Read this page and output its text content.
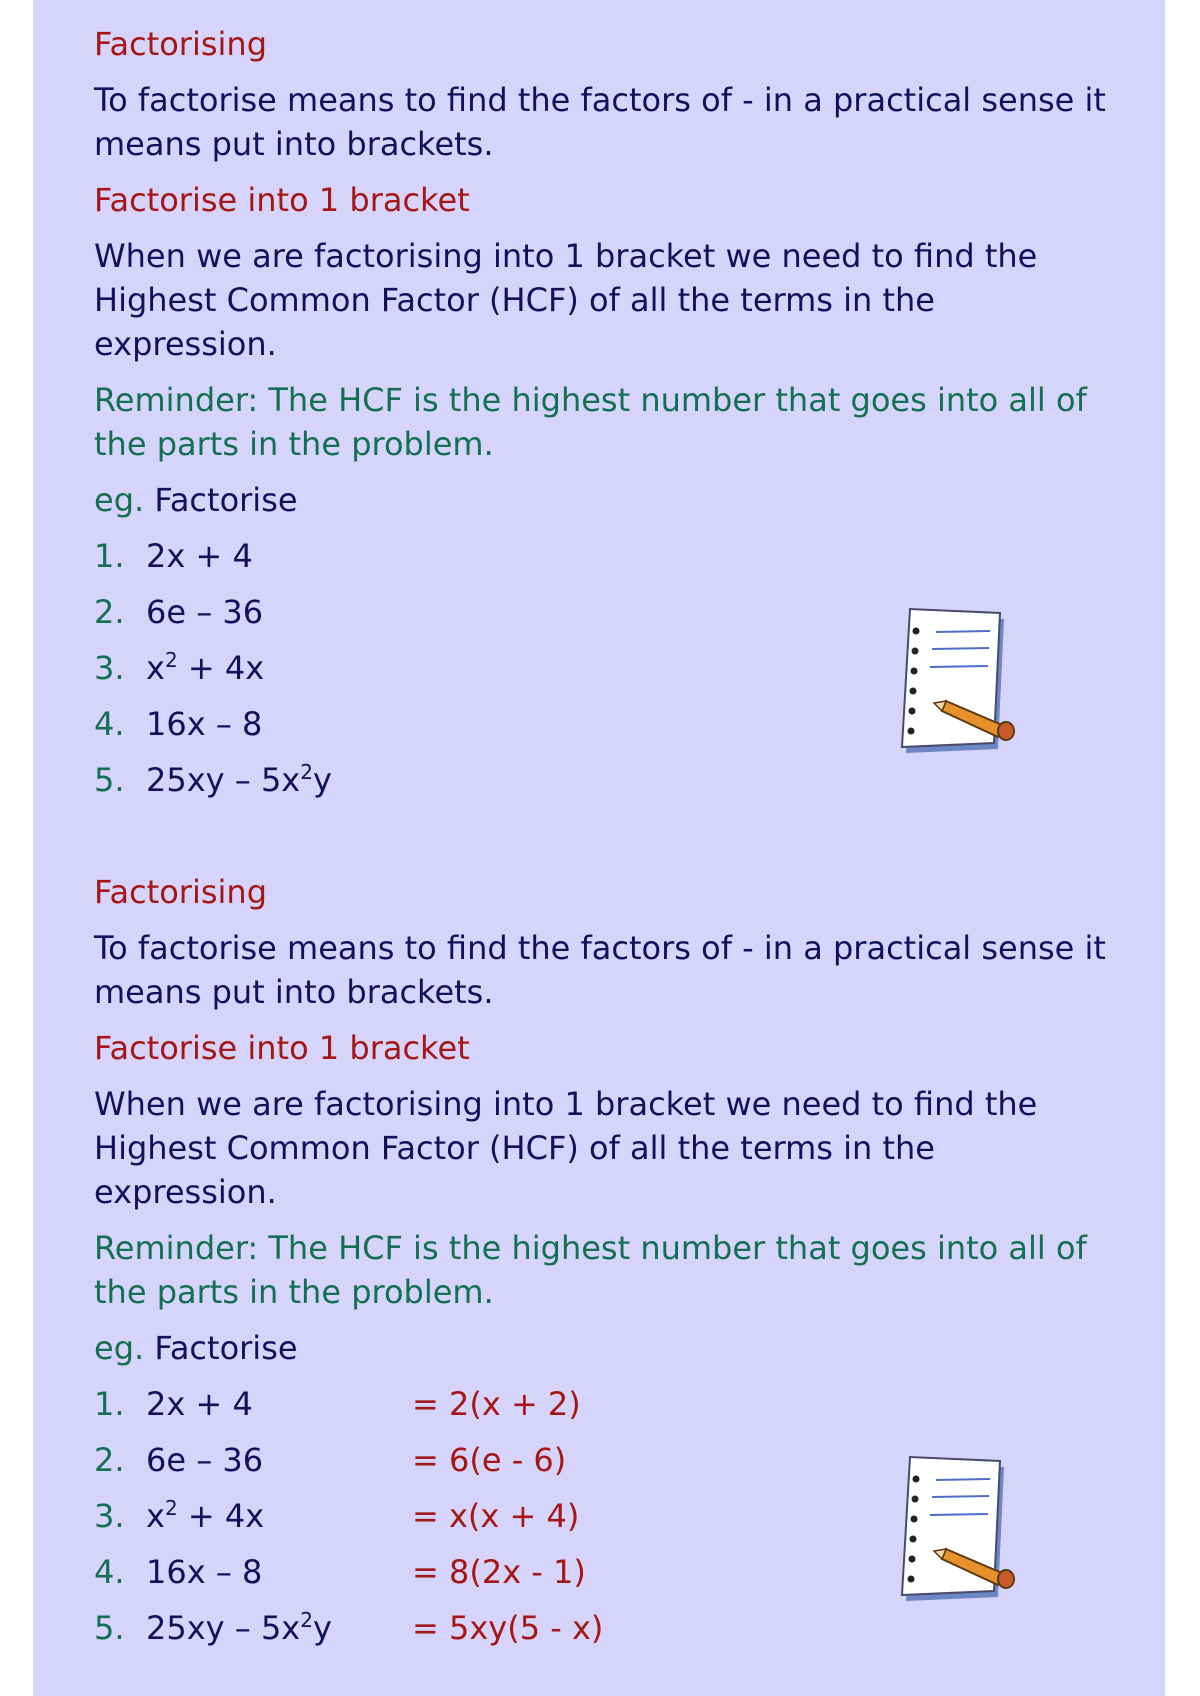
Factorising
To factorise means to find the factors of - in a practical sense it
means put into brackets.
Factorise into 1 bracket
When we are factorising into 1 bracket we need to find the
Highest Common Factor (HCF) of all the terms in the
expression.
Reminder: The HCF is the highest number that goes into all of
the parts in the problem.
eg. Factorise
1. 2x + 4
2. 6e – 36
3. $x^2 + 4x$
4. 16x – 8
5. $25xy - 5x^2y$
Factorising
To factorise means to find the factors of - in a practical sense it
means put into brackets.
Factorise into 1 bracket
When we are factorising into 1 bracket we need to find the
Highest Common Factor (HCF) of all the terms in the
expression.
Reminder: The HCF is the highest number that goes into all of
the parts in the problem.
eg. Factorise
1. 2x + 4	= 2(x + 2)
2. 6e – 36	= 6(e - 6)
3. $x^2 + 4x$	= x(x + 4)
4. 16x – 8	= 8(2x - 1)
5. $25xy - 5x^2y$	= 5xy(5 - x)
